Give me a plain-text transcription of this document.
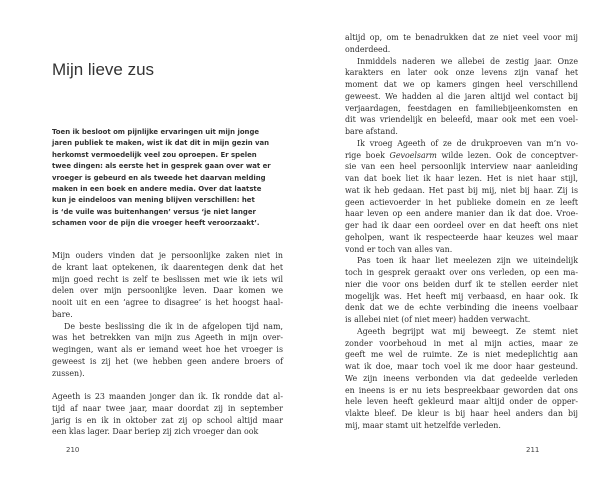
Mijn lieve zus
Toen ik besloot om pijnlijke ervaringen uit mijn jonge
jaren publiek te maken, wist ik dat dit in mijn gezin van
herkomst vermoedelijk veel zou oproepen. Er spelen
twee dingen: als eerste het in gesprek gaan over wat er
vroeger is gebeurd en als tweede het daarvan melding
maken in een boek en andere media. Over dat laatste
kun je eindeloos van mening blijven verschillen: het
is ‘de vuile was buitenhangen’ versus ‘je niet langer
schamen voor de pijn die vroeger heeft veroorzaakt’.
Mijn ouders vinden dat je persoonlijke zaken niet in
de krant laat optekenen, ik daarentegen denk dat het
mijn goed recht is zelf te beslissen met wie ik iets wil
delen over mijn persoonlijke leven. Daar komen we
nooit uit en een ‘agree to disagree’ is het hoogst haal-
bare.
De beste beslissing die ik in de afgelopen tijd nam,
was het betrekken van mijn zus Ageeth in mijn over-
wegingen, want als er iemand weet hoe het vroeger is
geweest is zij het (we hebben geen andere broers of
zussen).
Ageeth is 23 maanden jonger dan ik. Ik rondde dat al-
tijd af naar twee jaar, maar doordat zij in september
jarig is en ik in oktober zat zij op school altijd maar
een klas lager. Daar beriep zij zich vroeger dan ook
210
altijd op, om te benadrukken dat ze niet veel voor mij
onderdeed.
Inmiddels naderen we allebei de zestig jaar. Onze
karakters en later ook onze levens zijn vanaf het
moment dat we op kamers gingen heel verschillend
geweest. We hadden al die jaren altijd wel contact bij
verjaardagen, feestdagen en familiebijeenkomsten en
dit was vriendelijk en beleefd, maar ook met een voel-
bare afstand.
Ik vroeg Ageeth of ze de drukproeven van m’n vo-
rige boek Gevoelsarm wilde lezen. Ook de conceptver-
sie van een heel persoonlijk interview naar aanleiding
van dat boek liet ik haar lezen. Het is niet haar stijl,
wat ik heb gedaan. Het past bij mij, niet bij haar. Zij is
geen actievoerder in het publieke domein en ze leeft
haar leven op een andere manier dan ik dat doe. Vroe-
ger had ik daar een oordeel over en dat heeft ons niet
geholpen, want ik respecteerde haar keuzes wel maar
vond er toch van alles van.
Pas toen ik haar liet meelezen zijn we uiteindelijk
toch in gesprek geraakt over ons verleden, op een ma-
nier die voor ons beiden durf ik te stellen eerder niet
mogelijk was. Het heeft mij verbaasd, en haar ook. Ik
denk dat we de echte verbinding die ineens voelbaar
is allebei niet (of niet meer) hadden verwacht.
Ageeth begrijpt wat mij beweegt. Ze stemt niet
zonder voorbehoud in met al mijn acties, maar ze
geeft me wel de ruimte. Ze is niet medeplichtig aan
wat ik doe, maar toch voel ik me door haar gesteund.
We zijn ineens verbonden via dat gedeelde verleden
en ineens is er nu iets bespreekbaar geworden dat ons
hele leven heeft gekleurd maar altijd onder de opper-
vlakte bleef. De kleur is bij haar heel anders dan bij
mij, maar stamt uit hetzelfde verleden.
211
